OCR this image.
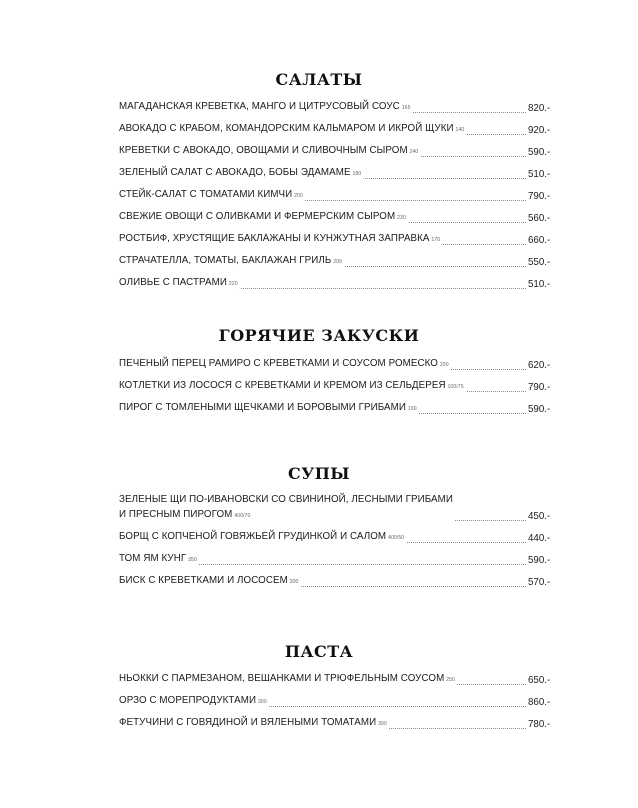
САЛАТЫ
МАГАДАНСКАЯ КРЕВЕТКА, МАНГО И ЦИТРУСОВЫЙ СОУС 165	820.-
АВОКАДО С КРАБОМ, КОМАНДОРСКИМ КАЛЬМАРОМ И ИКРОЙ ЩУКИ 140	920.-
КРЕВЕТКИ С АВОКАДО, ОВОЩАМИ И СЛИВОЧНЫМ СЫРОМ 240	590.-
ЗЕЛЕНЫЙ САЛАТ С АВОКАДО, БОБЫ ЭДАМАМЕ 180	510.-
СТЕЙК-САЛАТ С ТОМАТАМИ КИМЧИ 200	790.-
СВЕЖИЕ ОВОЩИ С ОЛИВКАМИ И ФЕРМЕРСКИМ СЫРОМ 230	560.-
РОСТБИФ, ХРУСТЯЩИЕ БАКЛАЖАНЫ И КУНЖУТНАЯ ЗАПРАВКА 170	660.-
СТРАЧАТЕЛЛА, ТОМАТЫ, БАКЛАЖАН ГРИЛЬ 200	550.-
ОЛИВЬЕ С ПАСТРАМИ 220	510.-
ГОРЯЧИЕ ЗАКУСКИ
ПЕЧЕНЫЙ ПЕРЕЦ РАМИРО С КРЕВЕТКАМИ И СОУСОМ РОМЕСКО 200	620.-
КОТЛЕТКИ ИЗ ЛОСОСЯ С КРЕВЕТКАМИ И КРЕМОМ ИЗ СЕЛЬДЕРЕЯ 100/75	790.-
ПИРОГ С ТОМЛЕНЫМИ ЩЕЧКАМИ И БОРОВЫМИ ГРИБАМИ 190	590.-
СУПЫ
ЗЕЛЕНЫЕ ЩИ ПО-ИВАНОВСКИ СО СВИНИНОЙ, ЛЕСНЫМИ ГРИБАМИ
И ПРЕСНЫМ ПИРОГОМ 400/70	450.-
БОРЩ С КОПЧЕНОЙ ГОВЯЖЬЕЙ ГРУДИНКОЙ И САЛОМ 400/50	440.-
ТОМ ЯМ КУНГ 350	590.-
БИСК С КРЕВЕТКАМИ И ЛОСОСЕМ 300	570.-
ПАСТА
НЬОККИ С ПАРМЕЗАНОМ, ВЕШАНКАМИ И ТРЮФЕЛЬНЫМ СОУСОМ 250	650.-
ОРЗО С МОРЕПРОДУКТАМИ 300	860.-
ФЕТУЧИНИ С ГОВЯДИНОЙ И ВЯЛЕНЫМИ ТОМАТАМИ 300	780.-
